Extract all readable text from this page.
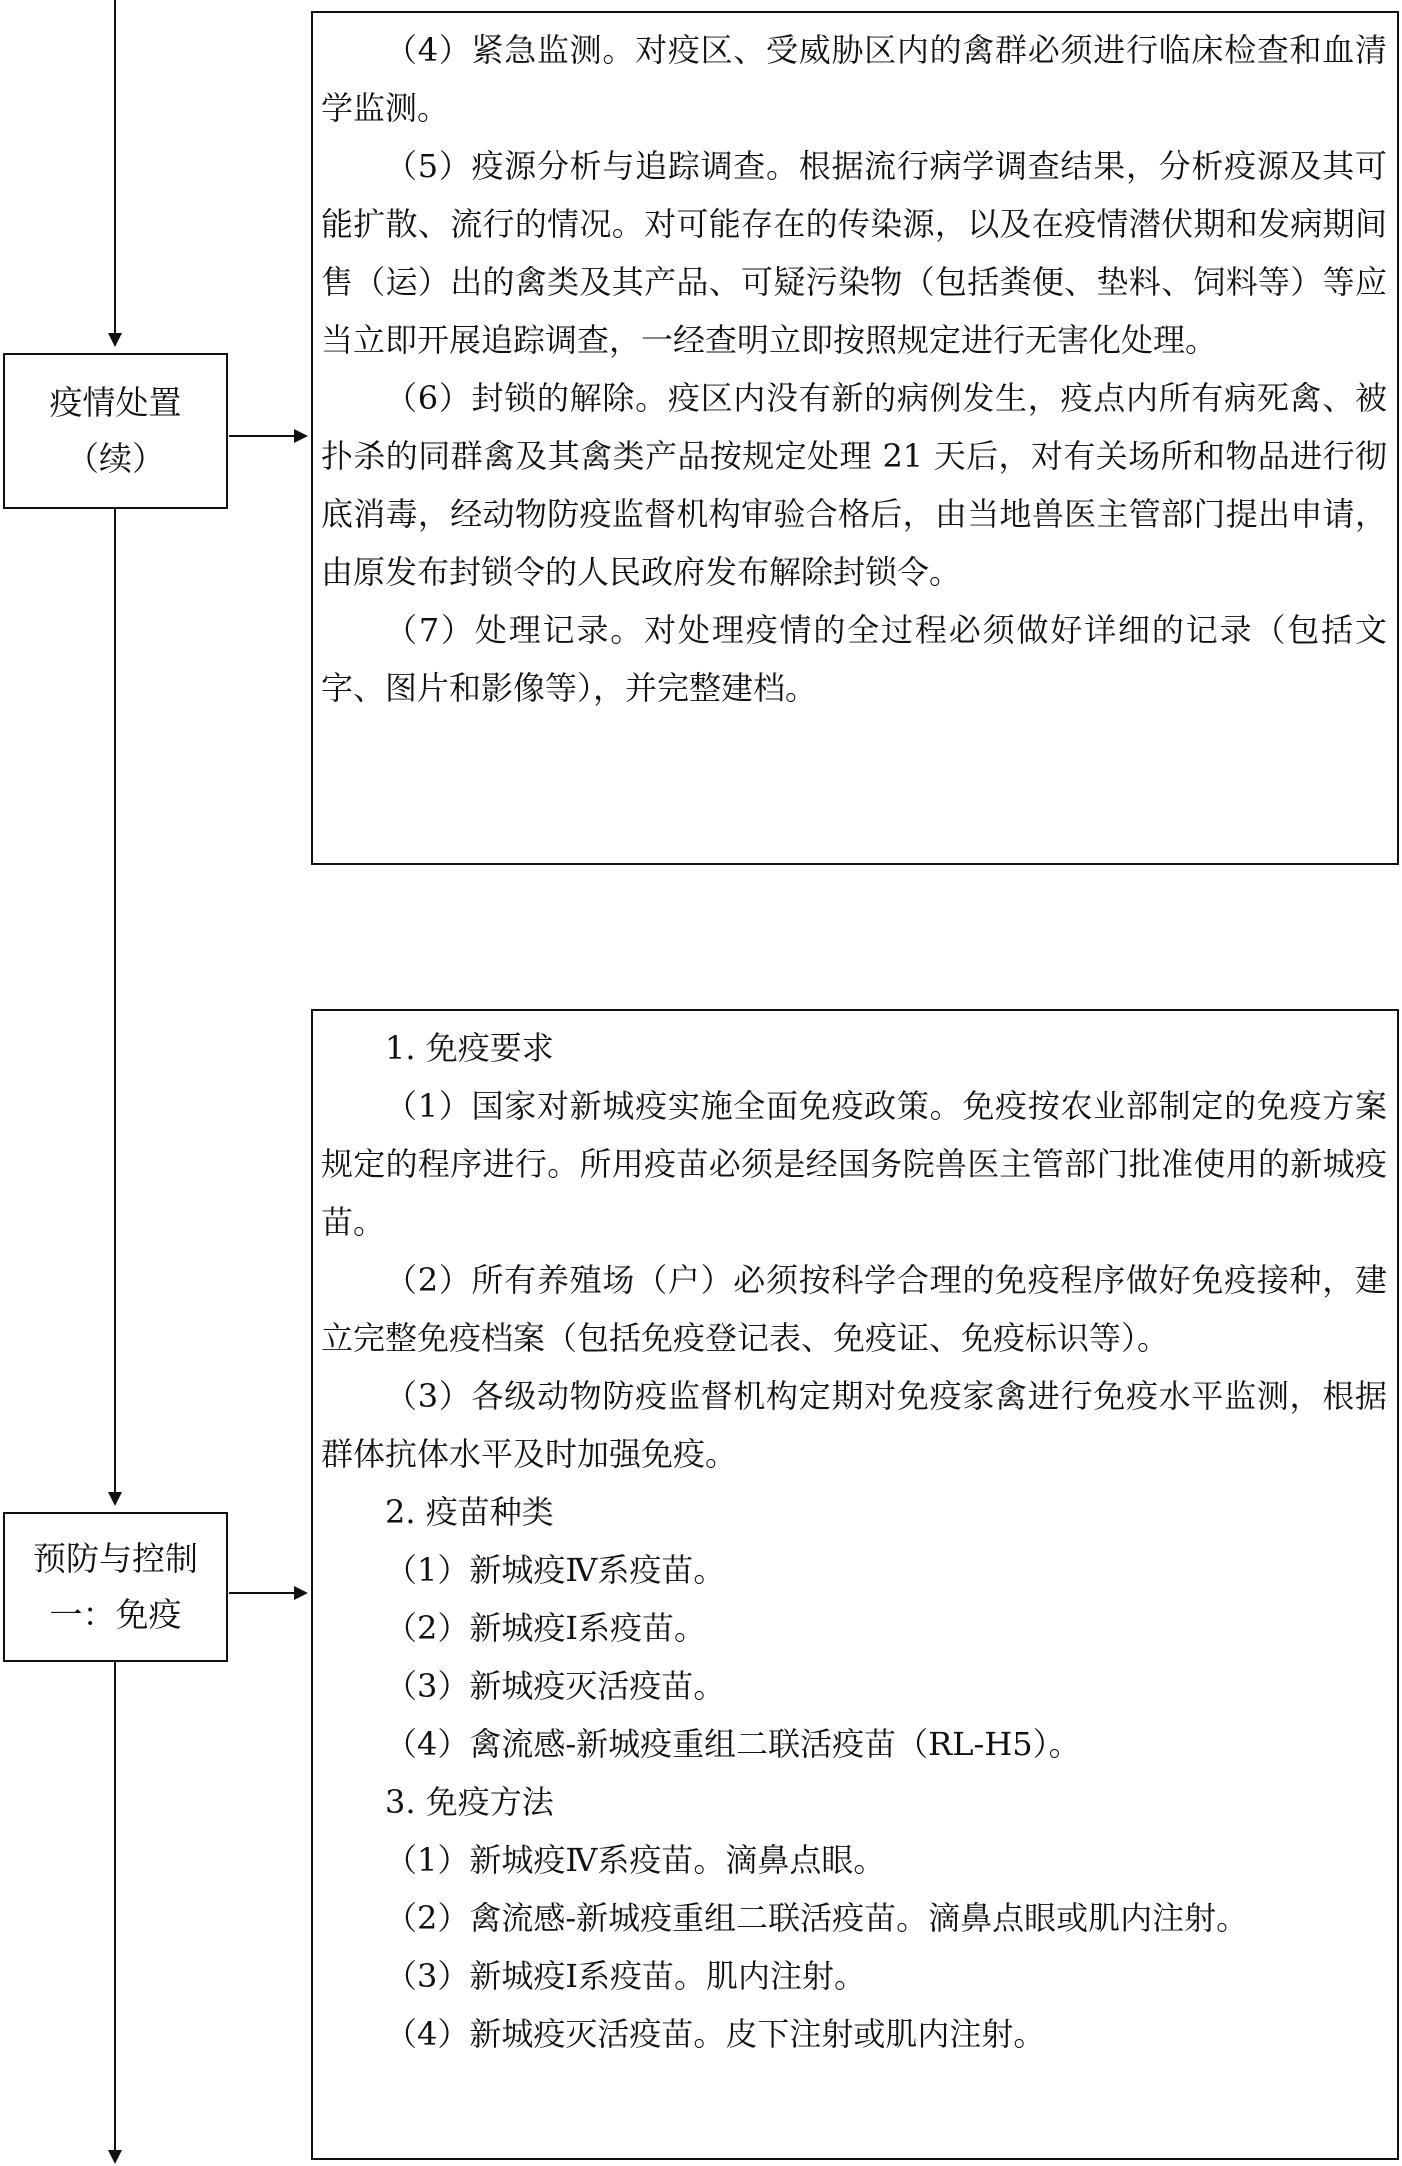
疫情处置
（续）

（4）紧急监测。对疫区、受威胁区内的禽群必须进行临床检查和血清学监测。

（5）疫源分析与追踪调查。根据流行病学调查结果，分析疫源及其可能扩散、流行的情况。对可能存在的传染源，以及在疫情潜伏期和发病期间售（运）出的禽类及其产品、可疑污染物（包括粪便、垫料、饲料等）等应当立即开展追踪调查，一经查明立即按照规定进行无害化处理。

（6）封锁的解除。疫区内没有新的病例发生，疫点内所有病死禽、被扑杀的同群禽及其禽类产品按规定处理 21 天后，对有关场所和物品进行彻底消毒，经动物防疫监督机构审验合格后，由当地兽医主管部门提出申请，由原发布封锁令的人民政府发布解除封锁令。

（7）处理记录。对处理疫情的全过程必须做好详细的记录（包括文字、图片和影像等），并完整建档。

预防与控制
一：免疫

1. 免疫要求

（1）国家对新城疫实施全面免疫政策。免疫按农业部制定的免疫方案规定的程序进行。所用疫苗必须是经国务院兽医主管部门批准使用的新城疫苗。

（2）所有养殖场（户）必须按科学合理的免疫程序做好免疫接种，建立完整免疫档案（包括免疫登记表、免疫证、免疫标识等）。

（3）各级动物防疫监督机构定期对免疫家禽进行免疫水平监测，根据群体抗体水平及时加强免疫。

2. 疫苗种类

（1）新城疫Ⅳ系疫苗。

（2）新城疫Ⅰ系疫苗。

（3）新城疫灭活疫苗。

（4）禽流感-新城疫重组二联活疫苗（RL-H5）。

3. 免疫方法

（1）新城疫Ⅳ系疫苗。滴鼻点眼。

（2）禽流感-新城疫重组二联活疫苗。滴鼻点眼或肌内注射。

（3）新城疫Ⅰ系疫苗。肌内注射。

（4）新城疫灭活疫苗。皮下注射或肌内注射。
